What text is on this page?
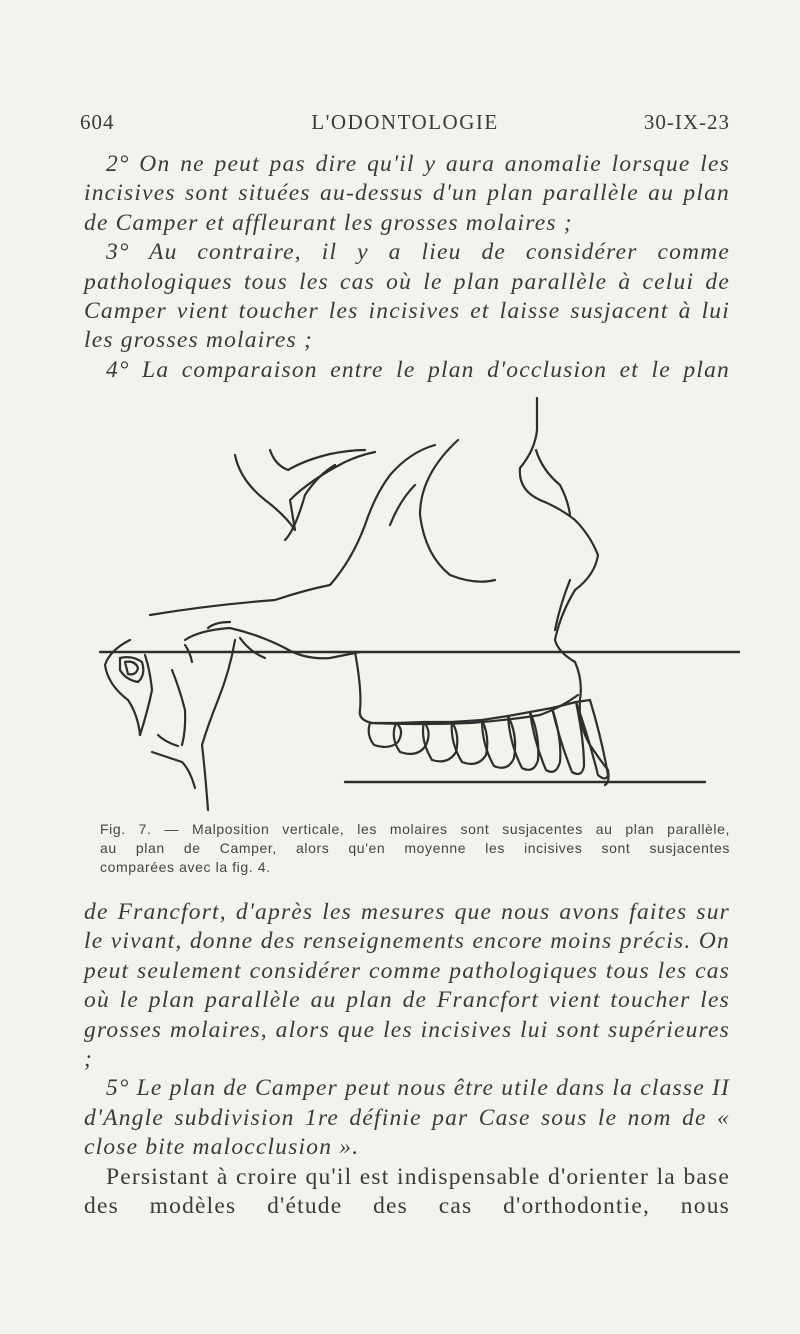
604	L'ODONTOLOGIE	30-IX-23

2° On ne peut pas dire qu'il y aura anomalie lorsque les incisives sont situées au-dessus d'un plan parallèle au plan de Camper et affleurant les grosses molaires ;

3° Au contraire, il y a lieu de considérer comme pathologiques tous les cas où le plan parallèle à celui de Camper vient toucher les incisives et laisse susjacent à lui les grosses molaires ;

4° La comparaison entre le plan d'occlusion et le plan

Fig. 7. — Malposition verticale, les molaires sont susjacentes au plan parallèle,

au plan de Camper, alors qu'en moyenne les incisives sont susjacentes

comparées avec la fig. 4.

de Francfort, d'après les mesures que nous avons faites sur le vivant, donne des renseignements encore moins précis. On peut seulement considérer comme pathologiques tous les cas où le plan parallèle au plan de Francfort vient toucher les grosses molaires, alors que les incisives lui sont supérieures ;

5° Le plan de Camper peut nous être utile dans la classe II d'Angle subdivision 1re définie par Case sous le nom de « close bite malocclusion ».

Persistant à croire qu'il est indispensable d'orienter la base des modèles d'étude des cas d'orthodontie, nous
